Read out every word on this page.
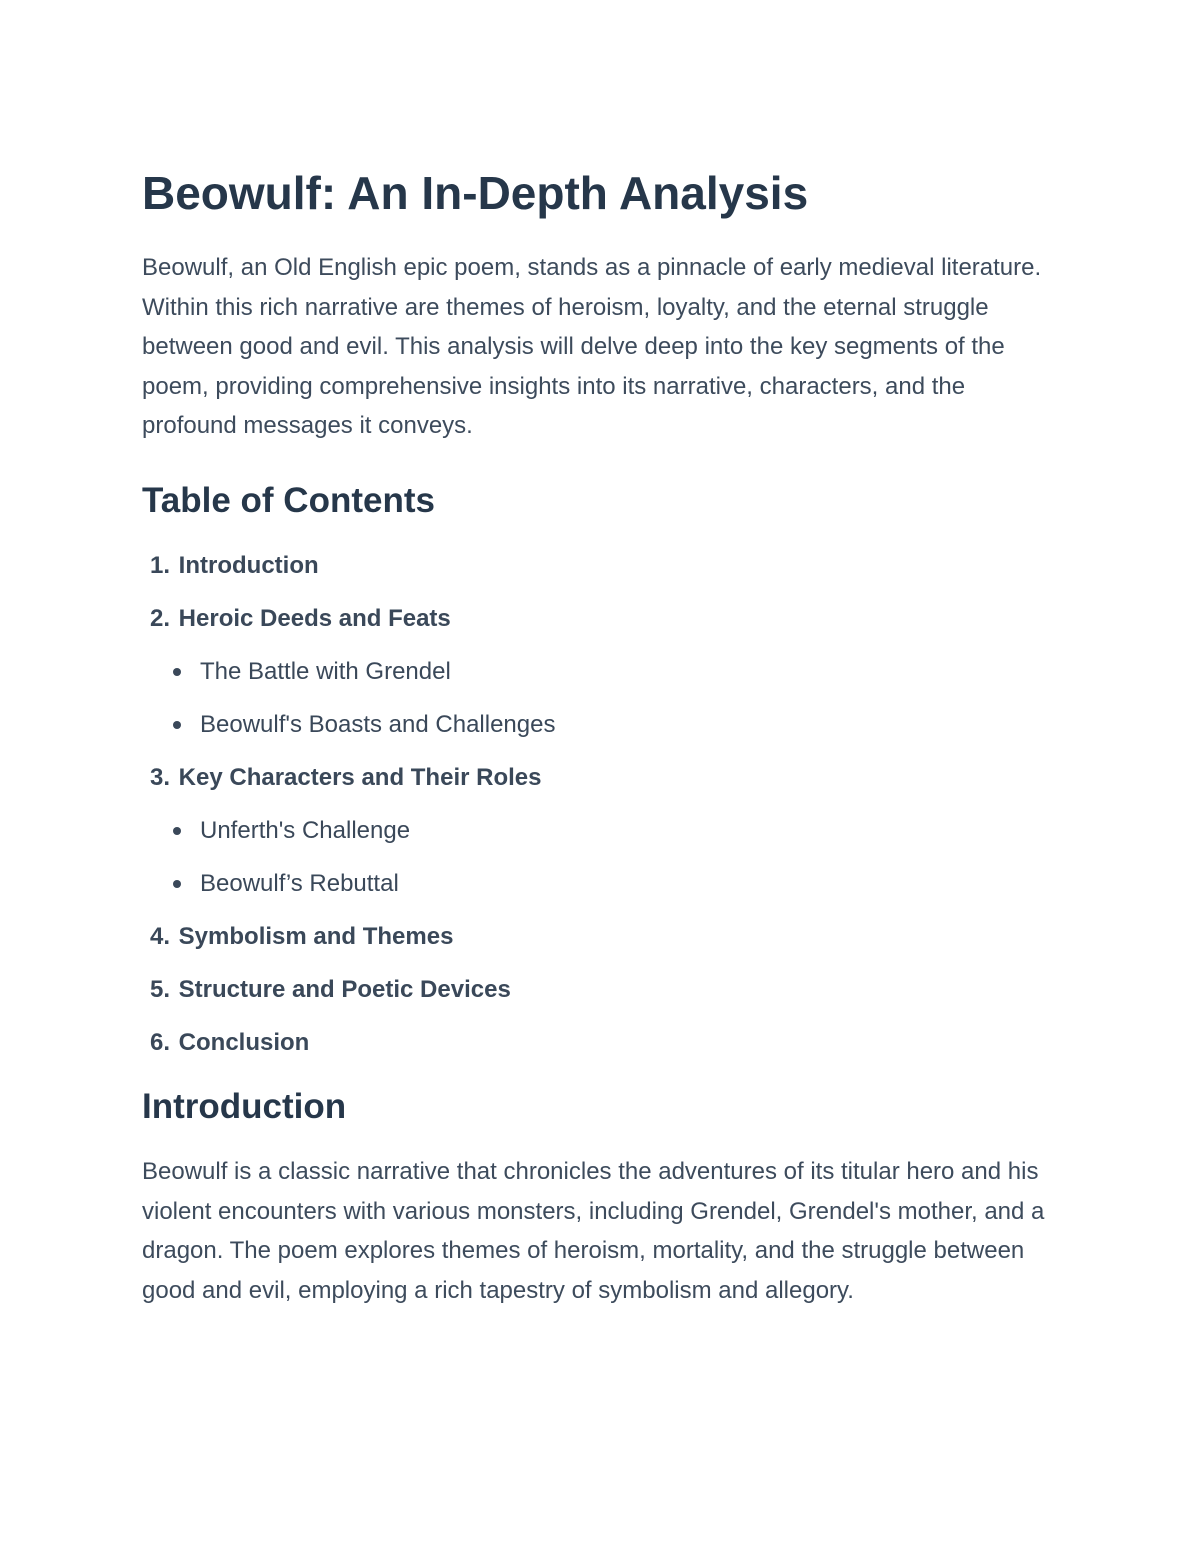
Beowulf: An In-Depth Analysis

Beowulf, an Old English epic poem, stands as a pinnacle of early medieval literature. Within this rich narrative are themes of heroism, loyalty, and the eternal struggle between good and evil. This analysis will delve deep into the key segments of the poem, providing comprehensive insights into its narrative, characters, and the profound messages it conveys.

Table of Contents
1. Introduction
2. Heroic Deeds and Feats
The Battle with Grendel
Beowulf's Boasts and Challenges
3. Key Characters and Their Roles
Unferth's Challenge
Beowulf’s Rebuttal
4. Symbolism and Themes
5. Structure and Poetic Devices
6. Conclusion
Introduction

Beowulf is a classic narrative that chronicles the adventures of its titular hero and his violent encounters with various monsters, including Grendel, Grendel's mother, and a dragon. The poem explores themes of heroism, mortality, and the struggle between good and evil, employing a rich tapestry of symbolism and allegory.
